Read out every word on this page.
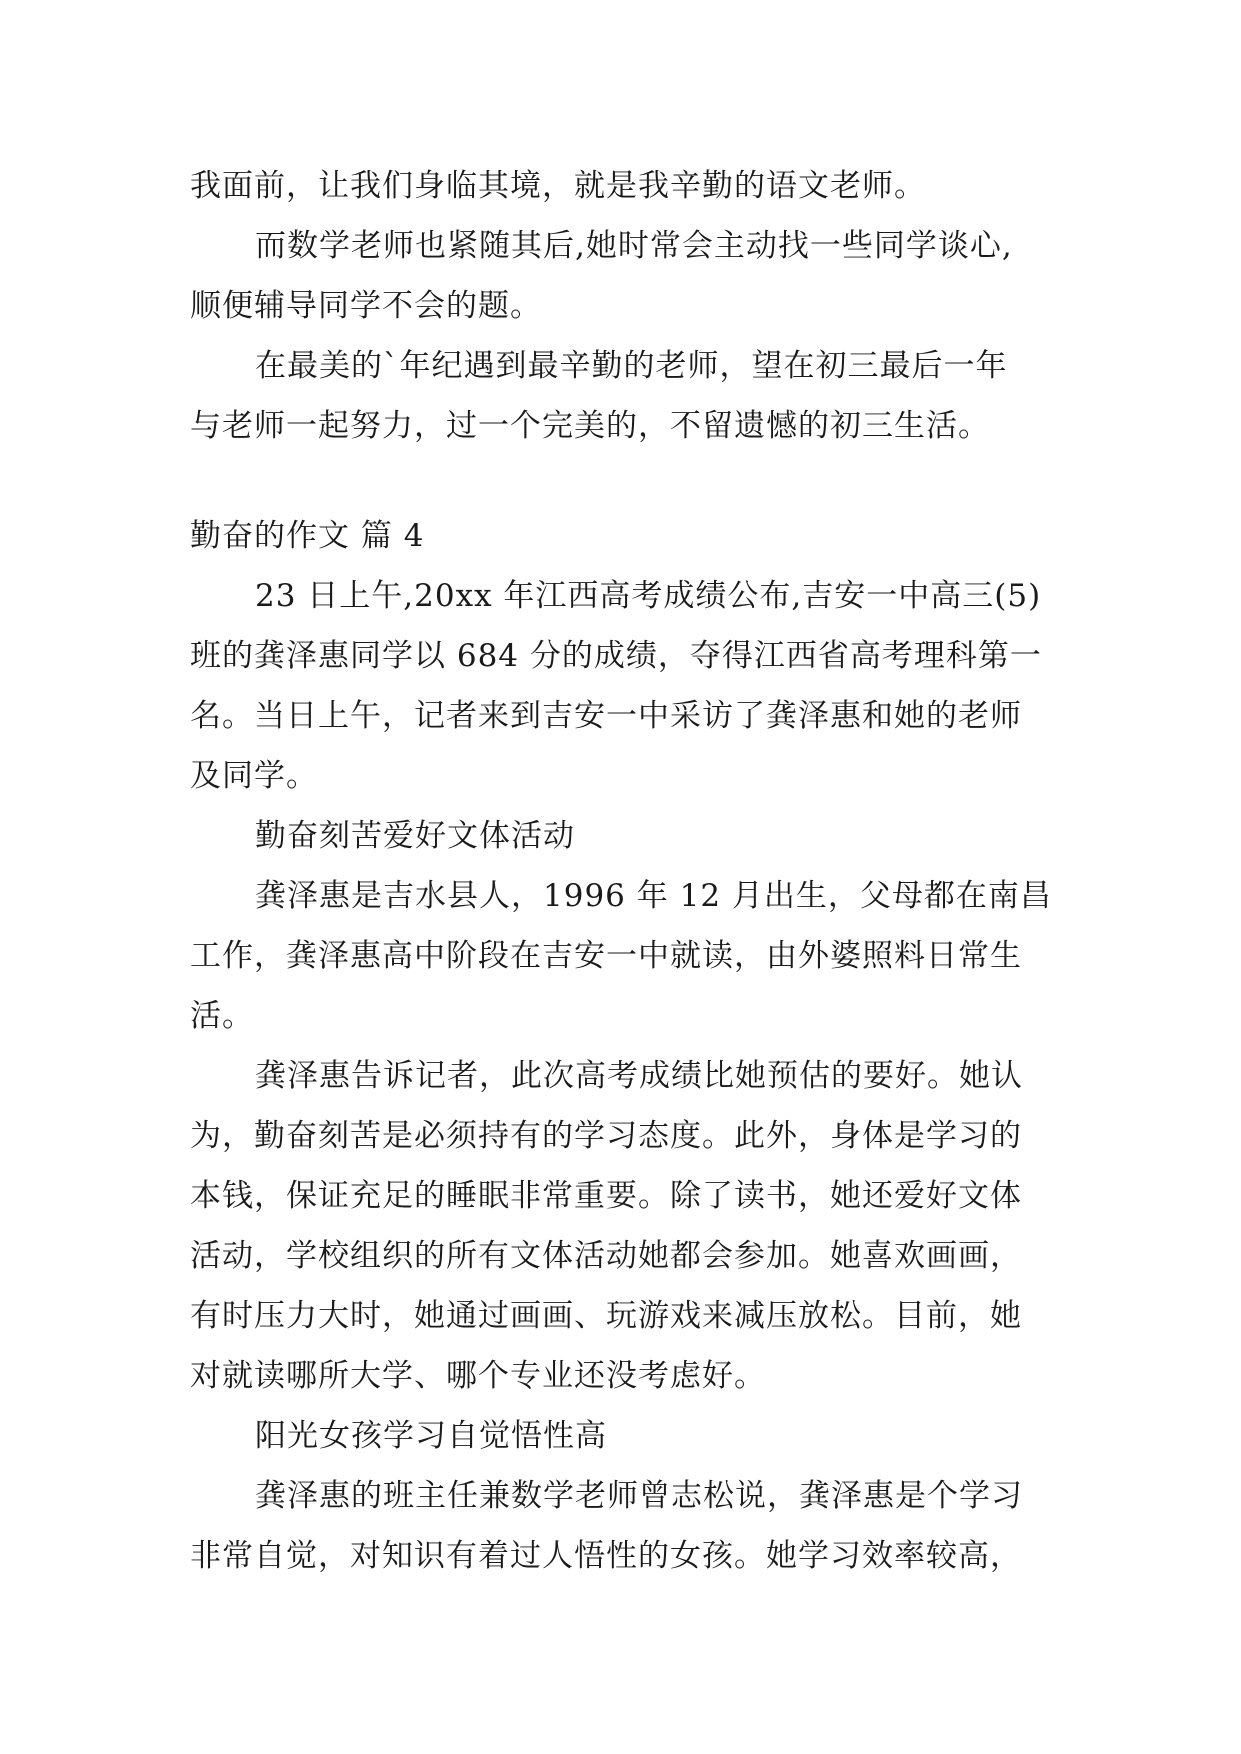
我面前，让我们身临其境，就是我辛勤的语文老师。
而数学老师也紧随其后,她时常会主动找一些同学谈心,
顺便辅导同学不会的题。
在最美的`年纪遇到最辛勤的老师，望在初三最后一年
与老师一起努力，过一个完美的，不留遗憾的初三生活。
勤奋的作文 篇 4
23 日上午,20xx 年江西高考成绩公布,吉安一中高三(5)
班的龚泽惠同学以 684 分的成绩，夺得江西省高考理科第一
名。当日上午，记者来到吉安一中采访了龚泽惠和她的老师
及同学。
勤奋刻苦爱好文体活动
龚泽惠是吉水县人，1996 年 12 月出生，父母都在南昌
工作，龚泽惠高中阶段在吉安一中就读，由外婆照料日常生
活。
龚泽惠告诉记者，此次高考成绩比她预估的要好。她认
为，勤奋刻苦是必须持有的学习态度。此外，身体是学习的
本钱，保证充足的睡眠非常重要。除了读书，她还爱好文体
活动，学校组织的所有文体活动她都会参加。她喜欢画画，
有时压力大时，她通过画画、玩游戏来减压放松。目前，她
对就读哪所大学、哪个专业还没考虑好。
阳光女孩学习自觉悟性高
龚泽惠的班主任兼数学老师曾志松说，龚泽惠是个学习
非常自觉，对知识有着过人悟性的女孩。她学习效率较高，
